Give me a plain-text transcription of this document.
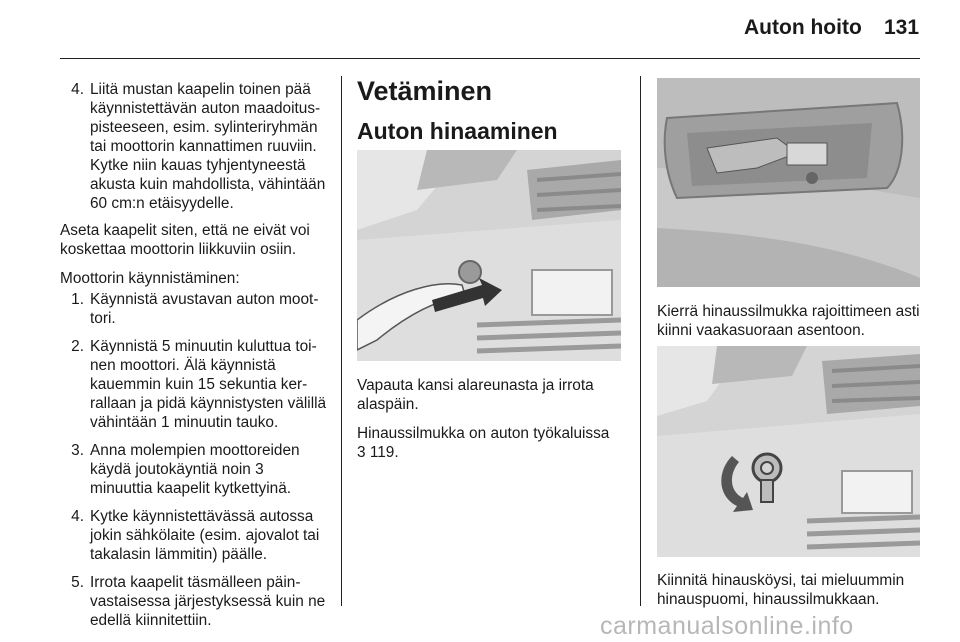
Auton hoito 131
4. Liitä mustan kaapelin toinen pää käynnistettävän auton maadoituspisteeseen, esim. sylinteriryhmän tai moottorin kannattimen ruuviin. Kytke niin kauas tyhjentyneestä akusta kuin mahdollista, vähintään 60 cm:n etäisyydelle.

Aseta kaapelit siten, että ne eivät voi koskettaa moottorin liikkuviin osiin.

Moottorin käynnistäminen:

1. Käynnistä avustavan auton moottori.
2. Käynnistä 5 minuutin kuluttua toinen moottori. Älä käynnistä kauemmin kuin 15 sekuntia kerrallaan ja pidä käynnistysten välillä vähintään 1 minuutin tauko.
3. Anna molempien moottoreiden käydä joutokäyntiä noin 3 minuuttia kaapelit kytkettyinä.
4. Kytke käynnistettävässä autossa jokin sähkölaite (esim. ajovalot tai takalasin lämmitin) päälle.
5. Irrota kaapelit täsmälleen päinvastaisessa järjestyksessä kuin ne edellä kiinnitettiin.
Vetäminen
Auton hinaaminen

Vapauta kansi alareunasta ja irrota alaspäin.

Hinaussilmukka on auton työkaluissa
3 119.

Kierrä hinaussilmukka rajoittimeen asti kiinni vaakasuoraan asentoon.
Kiinnitä hinausköysi, tai mieluummin hinauspuomi, hinaussilmukkaan.
carmanualsonline.info
